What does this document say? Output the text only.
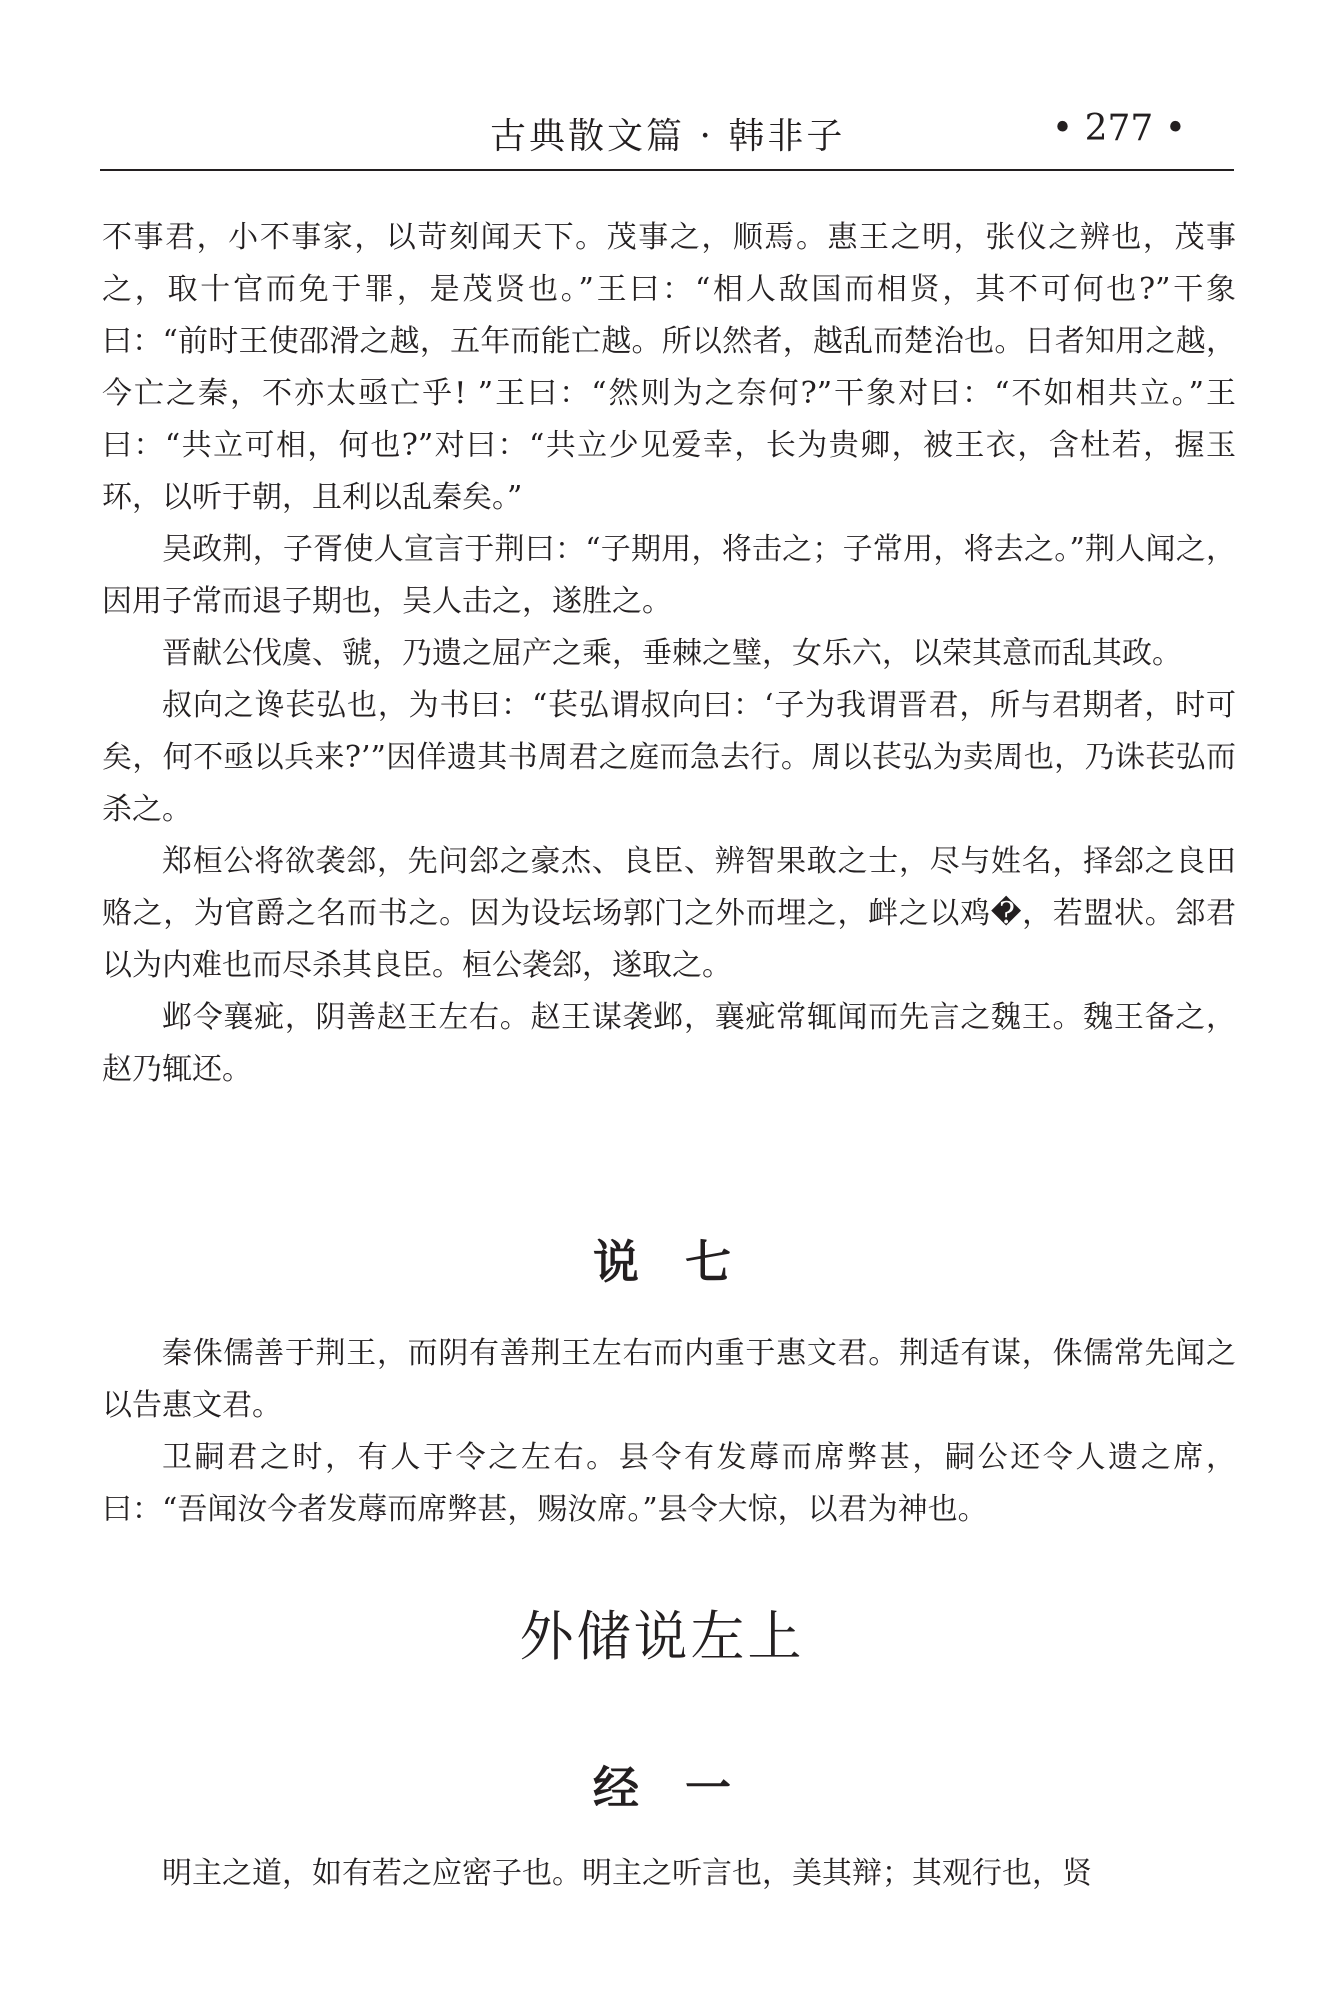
古典散文篇 · 韩非子	• 277 •

不事君，小不事家，以苛刻闻天下。茂事之，顺焉。惠王之明，张仪之辨也，茂事之，取十官而免于罪，是茂贤也。”王曰：“相人敌国而相贤，其不可何也?”干象曰：“前时王使邵滑之越，五年而能亡越。所以然者，越乱而楚治也。日者知用之越，今亡之秦，不亦太亟亡乎! ”王曰：“然则为之奈何?”干象对曰：“不如相共立。”王曰：“共立可相，何也?”对曰：“共立少见爱幸，长为贵卿，被王衣，含杜若，握玉环，以听于朝，且利以乱秦矣。”

吴政荆，子胥使人宣言于荆曰：“子期用，将击之；子常用，将去之。”荆人闻之，因用子常而退子期也，吴人击之，遂胜之。

晋献公伐虞、虢，乃遗之屈产之乘，垂棘之璧，女乐六，以荣其意而乱其政。

叔向之谗苌弘也，为书曰：“苌弘谓叔向曰：‘子为我谓晋君，所与君期者，时可矣，何不亟以兵来?’”因佯遗其书周君之庭而急去行。周以苌弘为卖周也，乃诛苌弘而杀之。

郑桓公将欲袭郐，先问郐之豪杰、良臣、辨智果敢之士，尽与姓名，择郐之良田赂之，为官爵之名而书之。因为设坛场郭门之外而埋之，衅之以鸡�，若盟状。郐君以为内难也而尽杀其良臣。桓公袭郐，遂取之。

邺令襄疵，阴善赵王左右。赵王谋袭邺，襄疵常辄闻而先言之魏王。魏王备之，赵乃辄还。

说　七

秦侏儒善于荆王，而阴有善荆王左右而内重于惠文君。荆适有谋，侏儒常先闻之以告惠文君。

卫嗣君之时，有人于令之左右。县令有发蓐而席弊甚，嗣公还令人遗之席，曰：“吾闻汝今者发蓐而席弊甚，赐汝席。”县令大惊，以君为神也。

外储说左上
经　一

明主之道，如有若之应密子也。明主之听言也，美其辩；其观行也，贤
